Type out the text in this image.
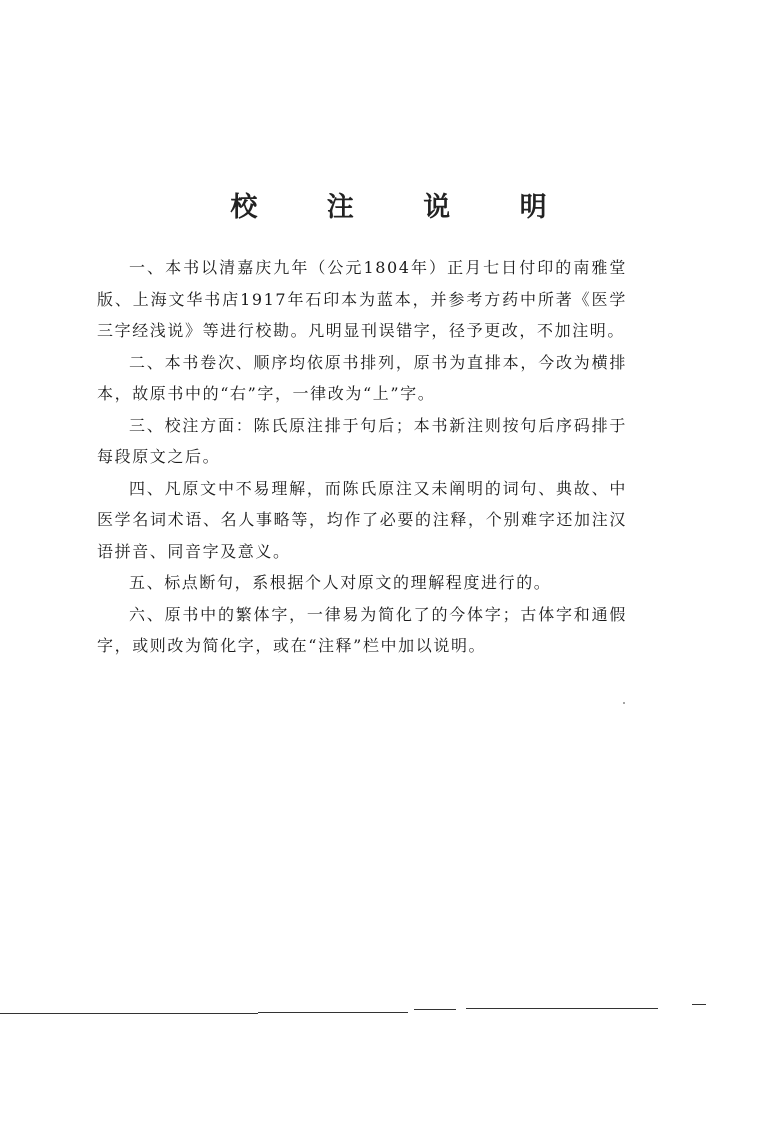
校 注 说 明

一、本书以清嘉庆九年（公元1804年）正月七日付印的南雅堂版、上海文华书店1917年石印本为蓝本，并参考方药中所著《医学三字经浅说》等进行校勘。凡明显刊误错字，径予更改，不加注明。

二、本书卷次、顺序均依原书排列，原书为直排本，今改为横排本，故原书中的“右”字，一律改为“上”字。

三、校注方面：陈氏原注排于句后；本书新注则按句后序码排于每段原文之后。

四、凡原文中不易理解，而陈氏原注又未阐明的词句、典故、中医学名词术语、名人事略等，均作了必要的注释，个别难字还加注汉语拼音、同音字及意义。

五、标点断句，系根据个人对原文的理解程度进行的。

六、原书中的繁体字，一律易为简化了的今体字；古体字和通假字，或则改为简化字，或在“注释”栏中加以说明。
